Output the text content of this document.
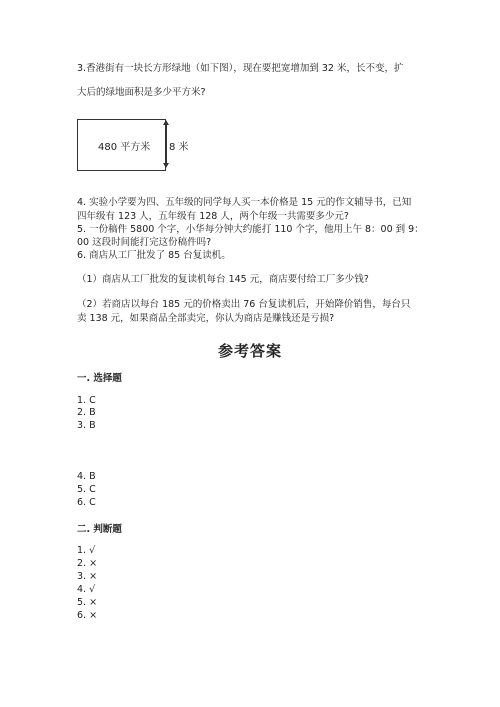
3.香港街有一块长方形绿地（如下图），现在要把宽增加到 32 米，长不变，扩
大后的绿地面积是多少平方米?
480 平方米 8 米
4. 实验小学要为四、五年级的同学每人买一本价格是 15 元的作文辅导书，已知
四年级有 123 人，五年级有 128 人，两个年级一共需要多少元?
5. 一份稿件 5800 个字，小华每分钟大约能打 110 个字，他用上午 8：00 到 9：
00 这段时间能打完这份稿件吗?
6. 商店从工厂批发了 85 台复读机。
（1）商店从工厂批发的复读机每台 145 元，商店要付给工厂多少钱?
（2）若商店以每台 185 元的价格卖出 76 台复读机后，开始降价销售，每台只
卖 138 元，如果商品全部卖完，你认为商店是赚钱还是亏损?
参考答案
一. 选择题
1. C
2. B
3. B
4. B
5. C
6. C
二. 判断题
1. √
2. ×
3. ×
4. √
5. ×
6. ×
